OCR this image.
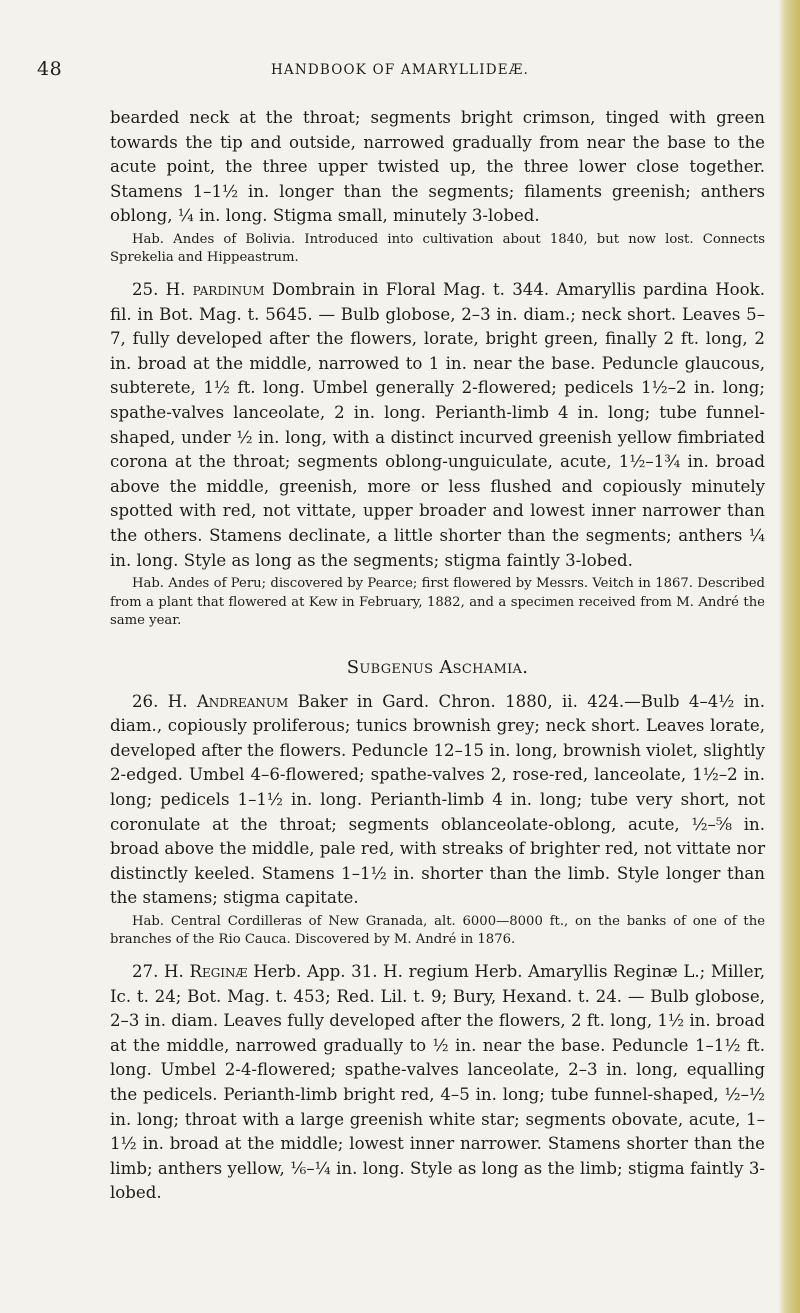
48	HANDBOOK OF AMARYLLIDEÆ.

bearded neck at the throat; segments bright crimson, tinged with green towards the tip and outside, narrowed gradually from near the base to the acute point, the three upper twisted up, the three lower close together. Stamens 1–1½ in. longer than the segments; filaments greenish; anthers oblong, ¼ in. long. Stigma small, minutely 3-lobed.

Hab. Andes of Bolivia. Introduced into cultivation about 1840, but now lost. Connects Sprekelia and Hippeastrum.

25. H. pardinum Dombrain in Floral Mag. t. 344. Amaryllis pardina Hook. fil. in Bot. Mag. t. 5645. — Bulb globose, 2–3 in. diam.; neck short. Leaves 5–7, fully developed after the flowers, lorate, bright green, finally 2 ft. long, 2 in. broad at the middle, narrowed to 1 in. near the base. Peduncle glaucous, subterete, 1½ ft. long. Umbel generally 2-flowered; pedicels 1½–2 in. long; spathe-valves lanceolate, 2 in. long. Perianth-limb 4 in. long; tube funnel-shaped, under ½ in. long, with a distinct incurved greenish yellow fimbriated corona at the throat; segments oblong-unguiculate, acute, 1½–1¾ in. broad above the middle, greenish, more or less flushed and copiously minutely spotted with red, not vittate, upper broader and lowest inner narrower than the others. Stamens declinate, a little shorter than the segments; anthers ¼ in. long. Style as long as the segments; stigma faintly 3-lobed.

Hab. Andes of Peru; discovered by Pearce; first flowered by Messrs. Veitch in 1867. Described from a plant that flowered at Kew in February, 1882, and a specimen received from M. André the same year.

Subgenus Aschamia.

26. H. Andreanum Baker in Gard. Chron. 1880, ii. 424.—Bulb 4–4½ in. diam., copiously proliferous; tunics brownish grey; neck short. Leaves lorate, developed after the flowers. Peduncle 12–15 in. long, brownish violet, slightly 2-edged. Umbel 4–6-flowered; spathe-valves 2, rose-red, lanceolate, 1½–2 in. long; pedicels 1–1½ in. long. Perianth-limb 4 in. long; tube very short, not coronulate at the throat; segments oblanceolate-oblong, acute, ½–⅝ in. broad above the middle, pale red, with streaks of brighter red, not vittate nor distinctly keeled. Stamens 1–1½ in. shorter than the limb. Style longer than the stamens; stigma capitate.

Hab. Central Cordilleras of New Granada, alt. 6000—8000 ft., on the banks of one of the branches of the Rio Cauca. Discovered by M. André in 1876.

27. H. Reginæ Herb. App. 31. H. regium Herb. Amaryllis Reginæ L.; Miller, Ic. t. 24; Bot. Mag. t. 453; Red. Lil. t. 9; Bury, Hexand. t. 24. — Bulb globose, 2–3 in. diam. Leaves fully developed after the flowers, 2 ft. long, 1½ in. broad at the middle, narrowed gradually to ½ in. near the base. Peduncle 1–1½ ft. long. Umbel 2-4-flowered; spathe-valves lanceolate, 2–3 in. long, equalling the pedicels. Perianth-limb bright red, 4–5 in. long; tube funnel-shaped, ½–½ in. long; throat with a large greenish white star; segments obovate, acute, 1–1½ in. broad at the middle; lowest inner narrower. Stamens shorter than the limb; anthers yellow, ⅙–¼ in. long. Style as long as the limb; stigma faintly 3-lobed.
